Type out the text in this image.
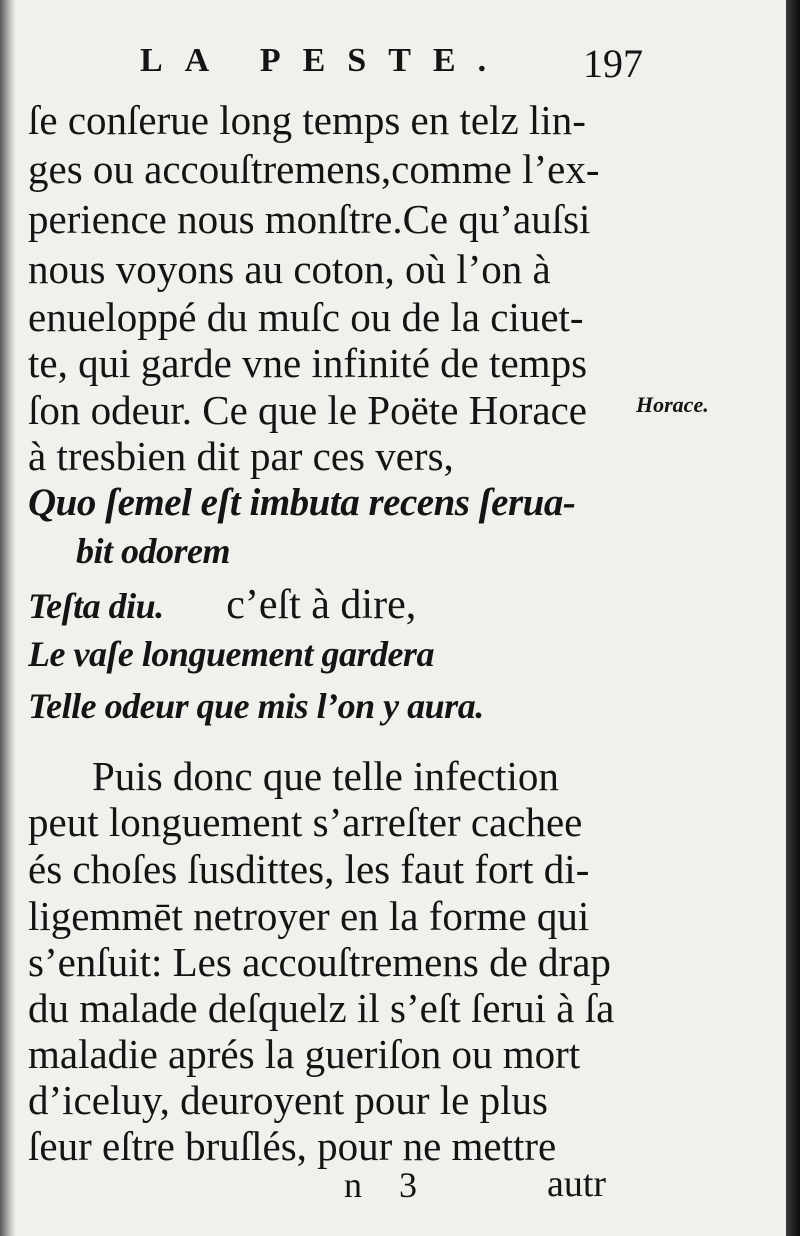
LA PESTE. 197
ſe conſerue long temps en telz lin-
ges ou accouſtremens,comme l’ex-
perience nous monſtre.Ce qu’auſsi
nous voyons au coton, où l’on à
enueloppé du muſc ou de la ciuet-
te, qui garde vne infinité de temps
ſon odeur. Ce que le Poëte Horace
à tresbien dit par ces vers,
Horace.
Quo ſemel eſt imbuta recens ſerua-
bit odorem
Teſta diu. c’eſt à dire,
Le vaſe longuement gardera
Telle odeur que mis l’on y aura.
Puis donc que telle infection
peut longuement s’arreſter cachee
és choſes ſusdittes, les faut fort di-
ligemmēt netroyer en la forme qui
s’enſuit: Les accouſtremens de drap
du malade deſquelz il s’eſt ſerui à ſa
maladie aprés la gueriſon ou mort
d’iceluy, deuroyent pour le plus
ſeur eſtre bruſlés, pour ne mettre
n 3	autr
